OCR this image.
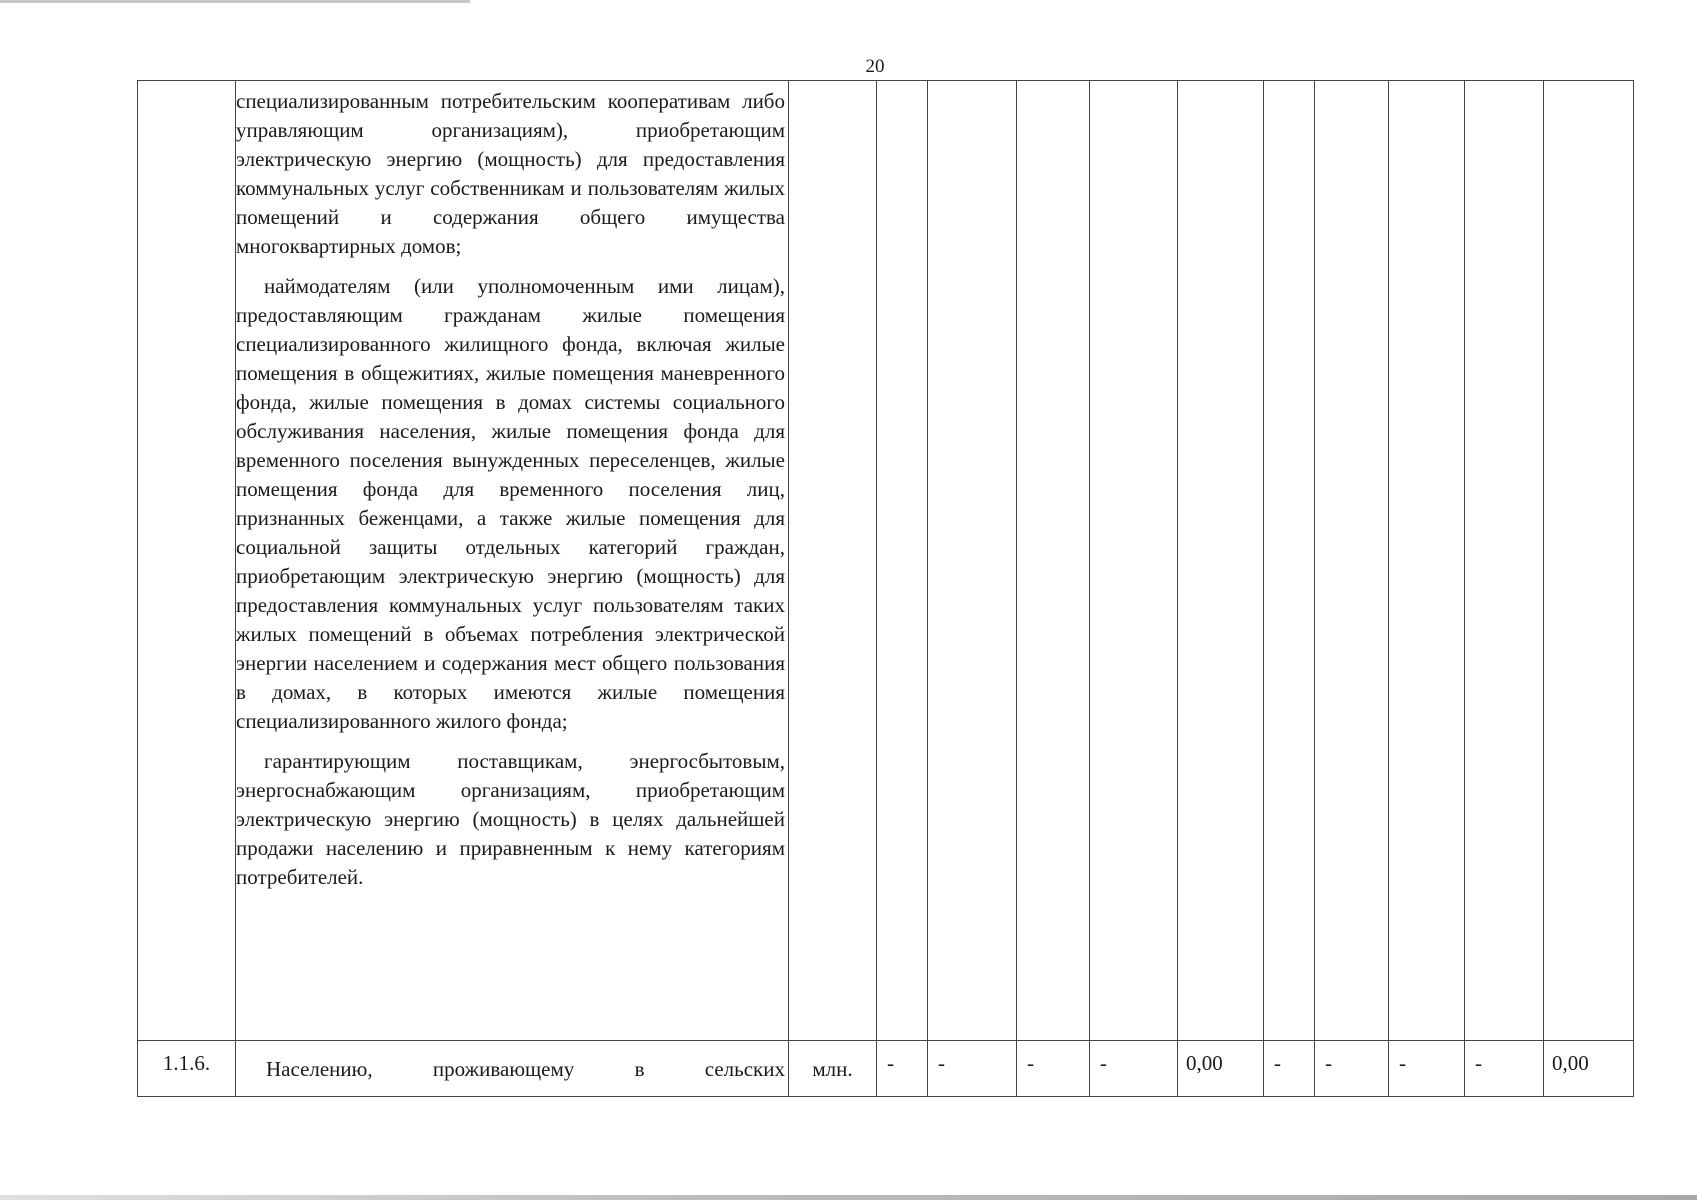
20

	специализированным потребительским кооперативам либо управляющим организациям), приобретающим электрическую энергию (мощность) для предоставления коммунальных услуг собственникам и пользователям жилых помещений и содержания общего имущества многоквартирных домов;

наймодателям (или уполномоченным ими лицам), предоставляющим гражданам жилые помещения специализированного жилищного фонда, включая жилые помещения в общежитиях, жилые помещения маневренного фонда, жилые помещения в домах системы социального обслуживания населения, жилые помещения фонда для временного поселения вынужденных переселенцев, жилые помещения фонда для временного поселения лиц, признанных беженцами, а также жилые помещения для социальной защиты отдельных категорий граждан, приобретающим электрическую энергию (мощность) для предоставления коммунальных услуг пользователям таких жилых помещений в объемах потребления электрической энергии населением и содержания мест общего пользования в домах, в которых имеются жилые помещения специализированного жилого фонда;

гарантирующим поставщикам, энергосбытовым, энергоснабжающим организациям, приобретающим электрическую энергию (мощность) в целях дальнейшей продажи населению и приравненным к нему категориям потребителей.											

1.1.6.	Населению, проживающему в сельских	млн.	-	-	-	-	0,00	-	-	-	-	0,00
